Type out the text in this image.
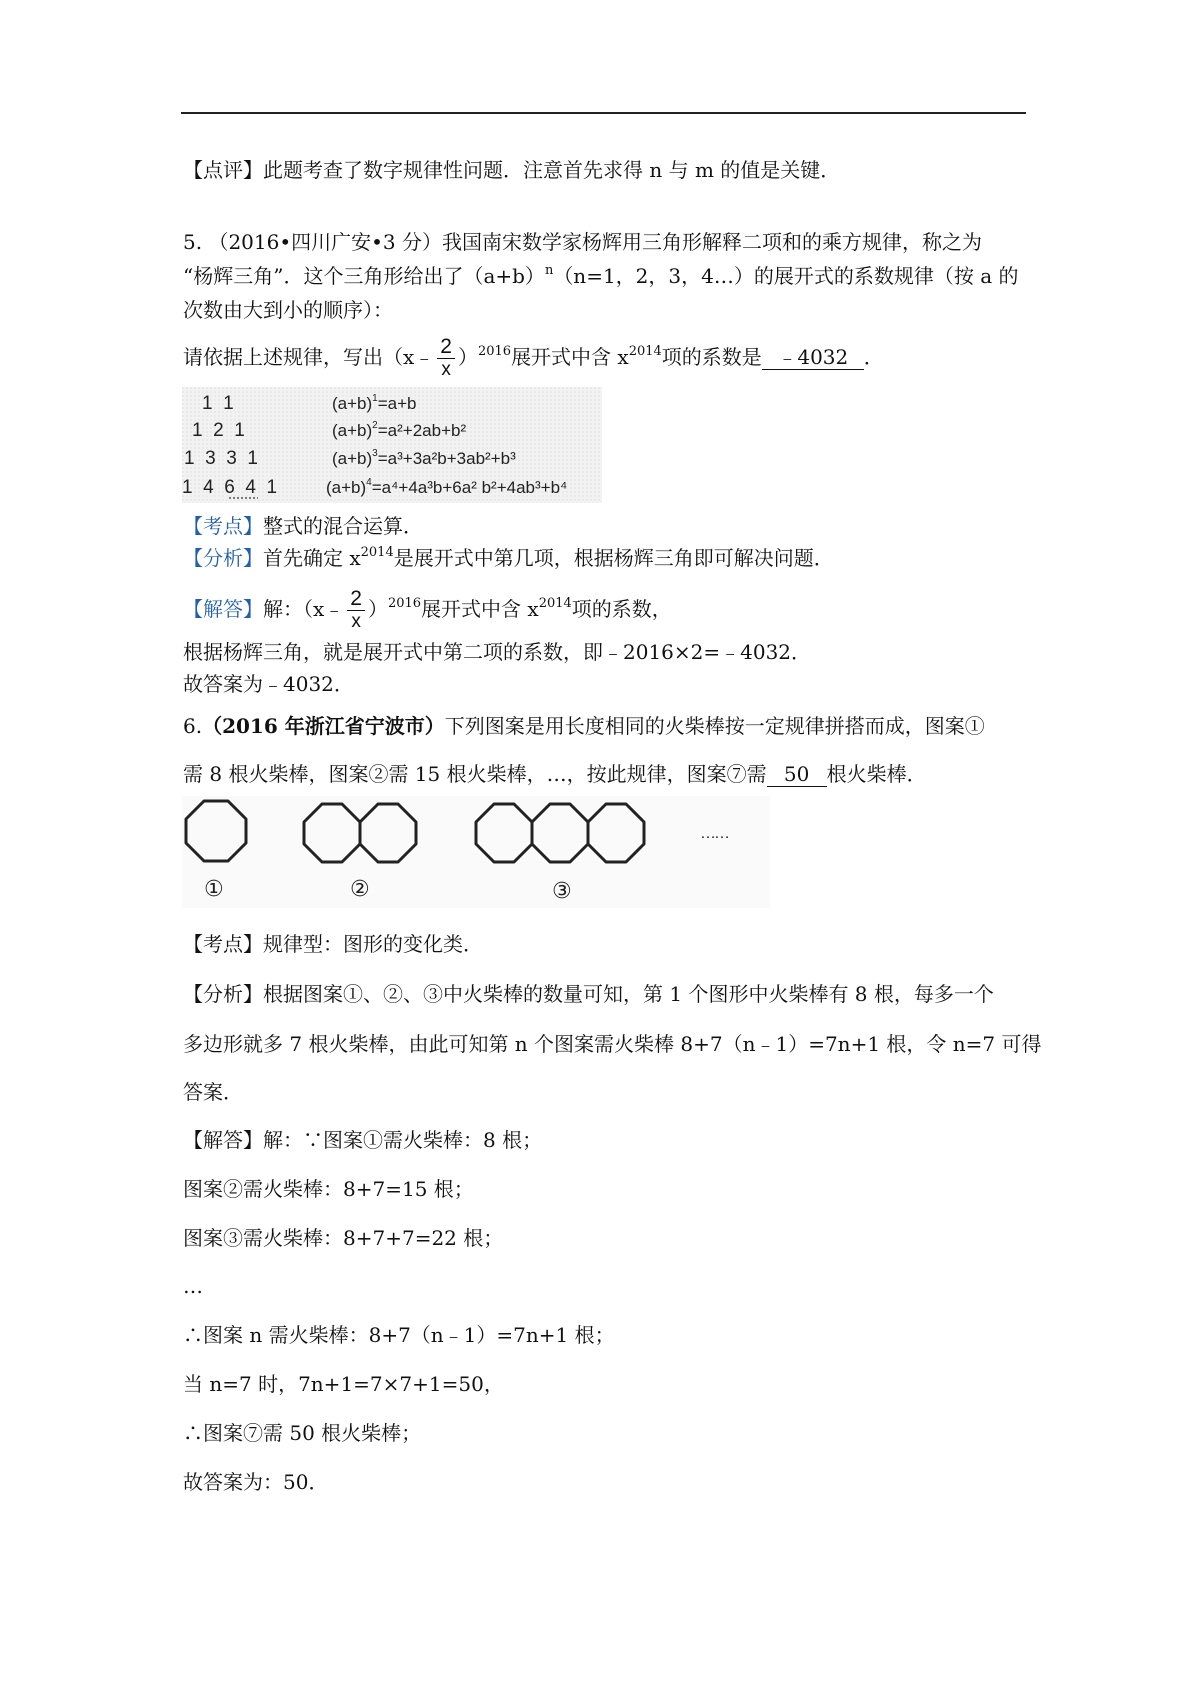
【点评】此题考查了数字规律性问题．注意首先求得 n 与 m 的值是关键．
5. （2016•四川广安•3 分）我国南宋数学家杨辉用三角形解释二项和的乘方规律，称之为
“杨辉三角”．这个三角形给出了$(a+b)^n(n=1$，2，3，4…）的展开式的系数规律（按 a 的
次数由大到小的顺序）：
请依据上述规律，写出（x﹣ $\frac{2}{x} )^{2016}$展开式中含 $x^{2014}$项的系数是 ﹣4032 ．
1  1
1  2  1
1  3  3  1
1  4  6  4  1
$(a+b)^1=a+b$
$(a+b)^2=a^2+2ab+b^2$
$(a+b)^3=a^3+3a^2b+3ab^2+b^3$
$(a+b)^4=a^4+4a^3b+6a^2$ b²+4ab³+b⁴
【考点】整式的混合运算．
【分析】首先确定 $x^{2014}$是展开式中第几项，根据杨辉三角即可解决问题．
【解答】解：（x﹣ $\frac{2}{x} )^{2016}$展开式中含 $x^{2014}$项的系数，
根据杨辉三角，就是展开式中第二项的系数，即﹣2016×2=﹣4032．
故答案为﹣4032．
6.（2016 年浙江省宁波市）下列图案是用长度相同的火柴棒按一定规律拼搭而成，图案①
需 8 根火柴棒，图案②需 15 根火柴棒，…，按此规律，图案⑦需 50 根火柴棒．
……
①	②	③
【考点】规律型：图形的变化类．
【分析】根据图案①、②、③中火柴棒的数量可知，第 1 个图形中火柴棒有 8 根，每多一个
多边形就多 7 根火柴棒，由此可知第 n 个图案需火柴棒 8+7（n﹣1）=7n+1 根，令 n=7 可得
答案．
【解答】解：∵图案①需火柴棒：8 根；
图案②需火柴棒：8+7=15 根；
图案③需火柴棒：8+7+7=22 根；
…
∴图案 n 需火柴棒：8+7（n﹣1）=7n+1 根；
当 n=7 时，7n+1=7×7+1=50，
∴图案⑦需 50 根火柴棒；
故答案为：50．
